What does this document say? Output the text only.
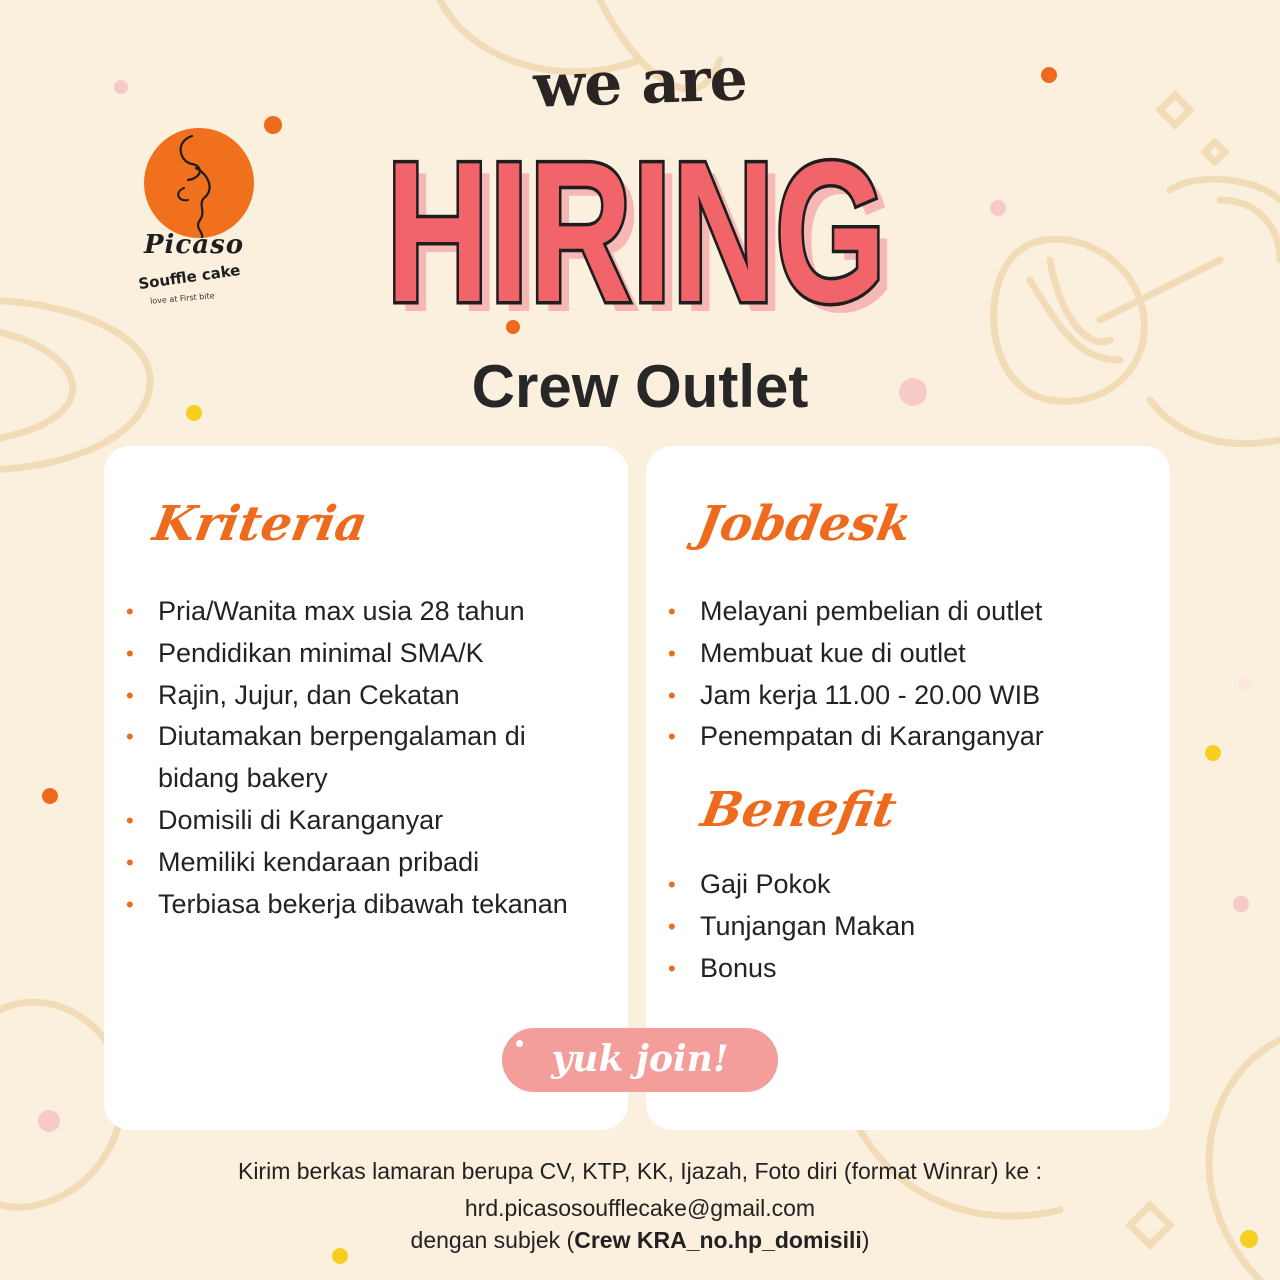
Picaso
Souffle cake
love at First bite
we are
HIRING
HIRING
Crew Outlet
Kriteria
• Pria/Wanita max usia 28 tahun
• Pendidikan minimal SMA/K
• Rajin, Jujur, dan Cekatan
• Diutamakan berpengalaman di bidang bakery
• Domisili di Karanganyar
• Memiliki kendaraan pribadi
• Terbiasa bekerja dibawah tekanan
Jobdesk
• Melayani pembelian di outlet
• Membuat kue di outlet
• Jam kerja 11.00 - 20.00 WIB
• Penempatan di Karanganyar
Benefit
• Gaji Pokok
• Tunjangan Makan
• Bonus
yuk join!
Kirim berkas lamaran berupa CV, KTP, KK, Ijazah, Foto diri (format Winrar) ke :
hrd.picasosoufflecake@gmail.com
dengan subjek (Crew KRA_no.hp_domisili)
